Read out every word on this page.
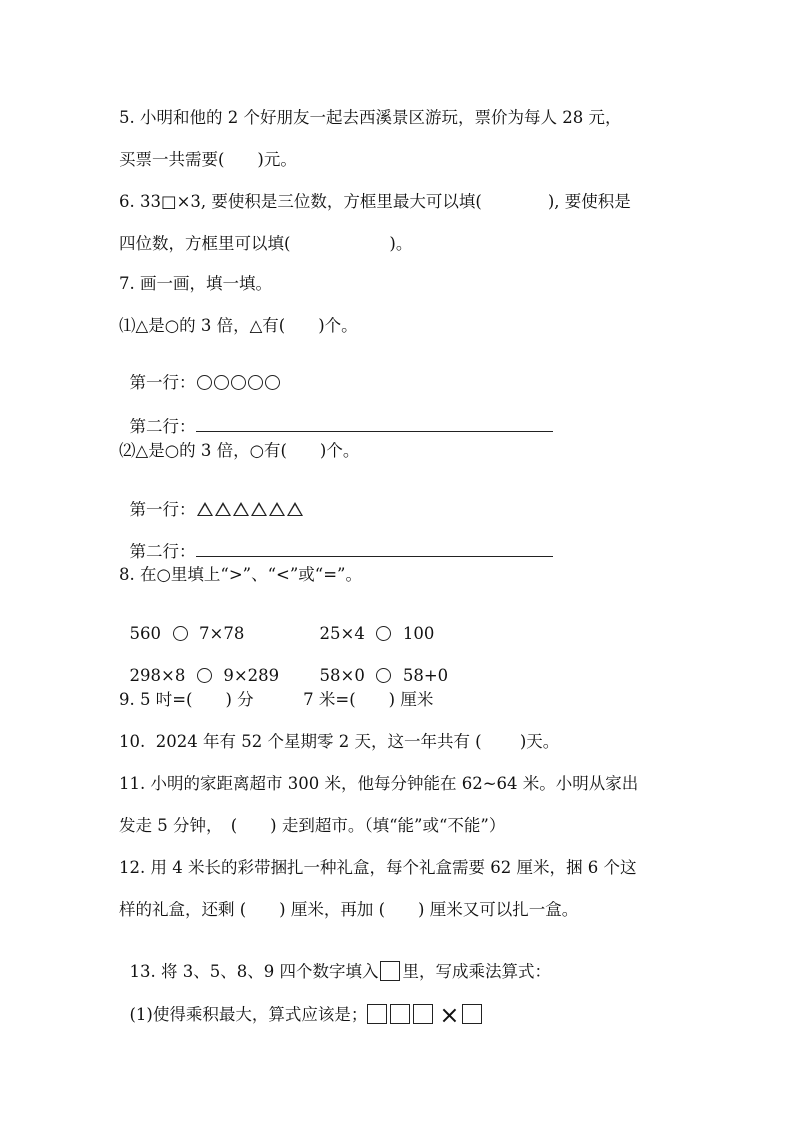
5. 小明和他的 2 个好朋友一起去西溪景区游玩，票价为每人 28 元，
买票一共需要(　　)元。
6. 33□×3, 要使积是三位数，方框里最大可以填(　　　　), 要使积是
四位数，方框里可以填(　　　　　　)。
7. 画一画，填一填。
⑴△是○的 3 倍，△有(　　)个。

第一行：

第二行：

⑵△是○的 3 倍，○有(　　)个。

第一行：

第二行：

8. 在○里填上“>”、“<”或“=”。

560 7×78	25×4 100

298×8 9×289	58×0 58+0

9. 5 吋=(　　) 分　　　7 米=(　　) 厘米
10.  2024 年有 52 个星期零 2 天，这一年共有 (　　 )天。
11. 小明的家距离超市 300 米，他每分钟能在 62~64 米。小明从家出
发走 5 分钟，　(　　) 走到超市。（填“能”或“不能”）
12. 用 4 米长的彩带捆扎一种礼盒，每个礼盒需要 62 厘米，捆 6 个这
样的礼盒，还剩 (　　) 厘米，再加 (　　) 厘米又可以扎一盒。

13. 将 3、5、8、9 四个数字填入 里，写成乘法算式：

(1)使得乘积最大，算式应该是；	×
